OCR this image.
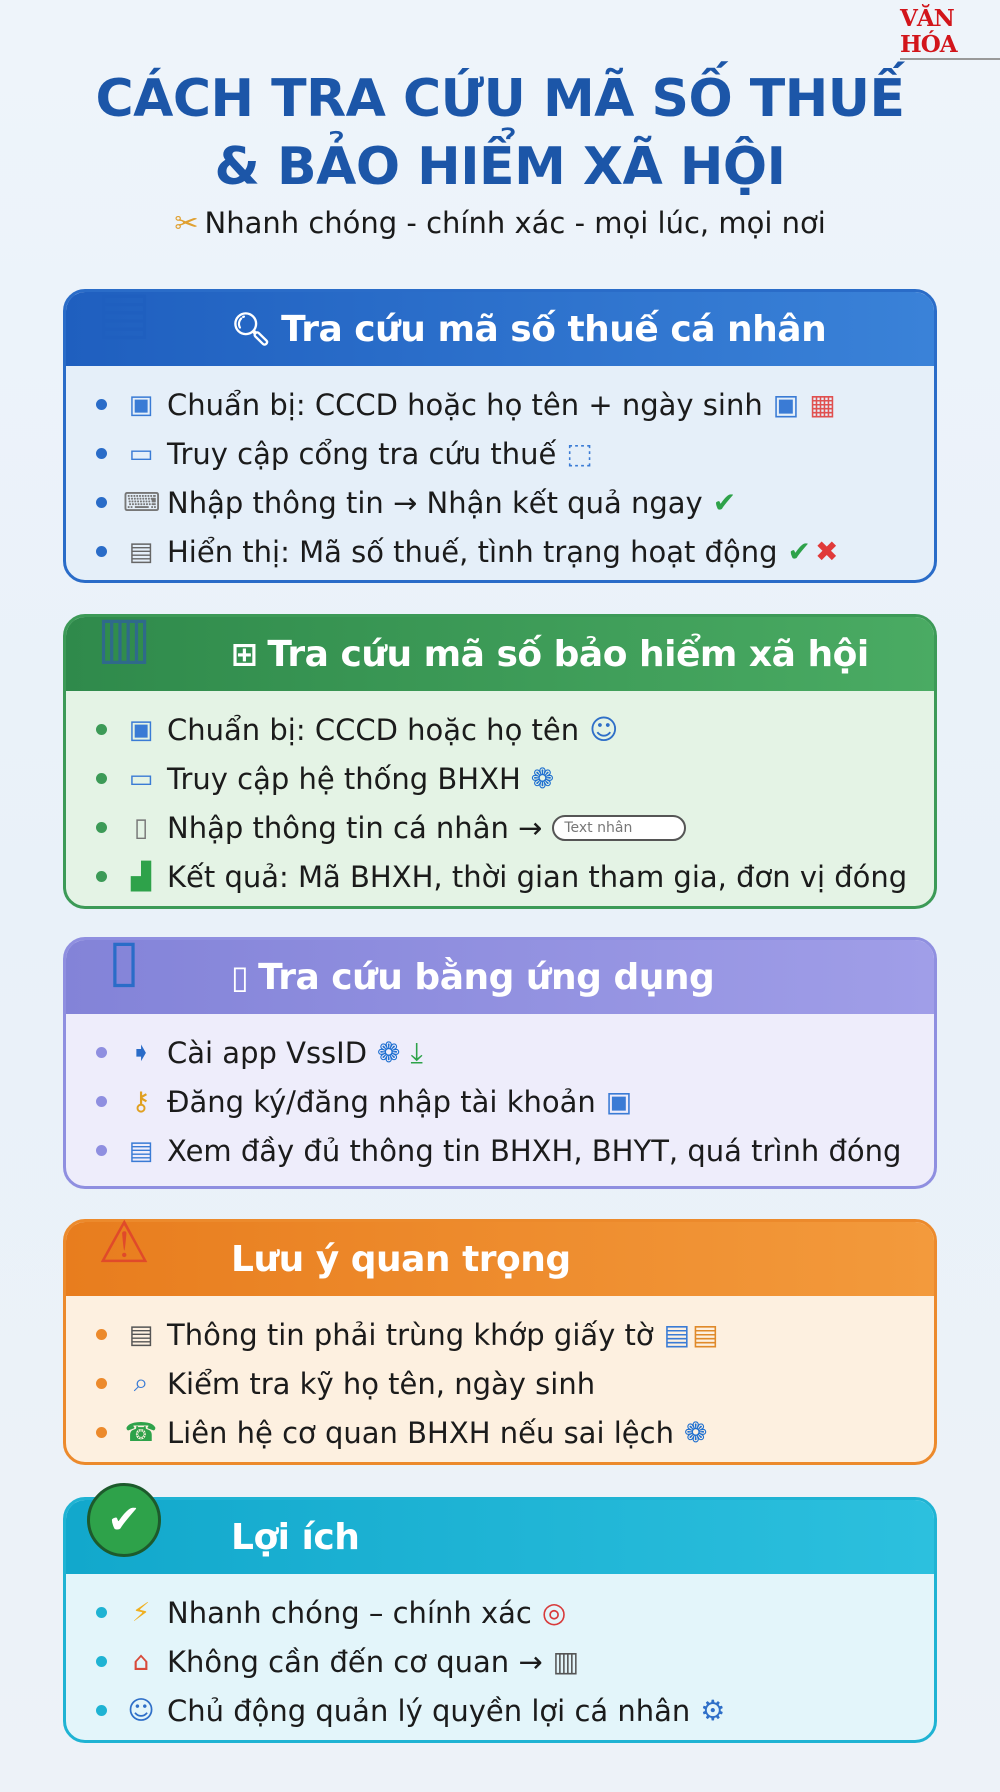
VĂN HÓA
CÁCH TRA CỨU MÃ SỐ THUẾ
& BẢO HIỂM XÃ HỘI
✂ Nhanh chóng - chính xác - mọi lúc, mọi nơi
▤	🔍︎ Tra cứu mã số thuế cá nhân
▣ Chuẩn bị: CCCD hoặc họ tên + ngày sinh ▣ ▦
▭ Truy cập cổng tra cứu thuế ⬚
⌨ Nhập thông tin → Nhận kết quả ngay ✔
▤ Hiển thị: Mã số thuế, tình trạng hoạt động ✔ ✖
▥	⊞ Tra cứu mã số bảo hiểm xã hội
▣ Chuẩn bị: CCCD hoặc họ tên ☺
▭ Truy cập hệ thống BHXH ❁
▯ Nhập thông tin cá nhân →	Text nhân
▟ Kết quả: Mã BHXH, thời gian tham gia, đơn vị đóng
▯	▯ Tra cứu bằng ứng dụng
➧ Cài app VssID ❁ ⤓
⚷ Đăng ký/đăng nhập tài khoản ▣
▤ Xem đầy đủ thông tin BHXH, BHYT, quá trình đóng
⚠	Lưu ý quan trọng
▤ Thông tin phải trùng khớp giấy tờ ▤ ▤
⌕ Kiểm tra kỹ họ tên, ngày sinh
☎ Liên hệ cơ quan BHXH nếu sai lệch ❁
✔	Lợi ích
⚡ Nhanh chóng – chính xác ◎
⌂ Không cần đến cơ quan → ▥
☺ Chủ động quản lý quyền lợi cá nhân ⚙
